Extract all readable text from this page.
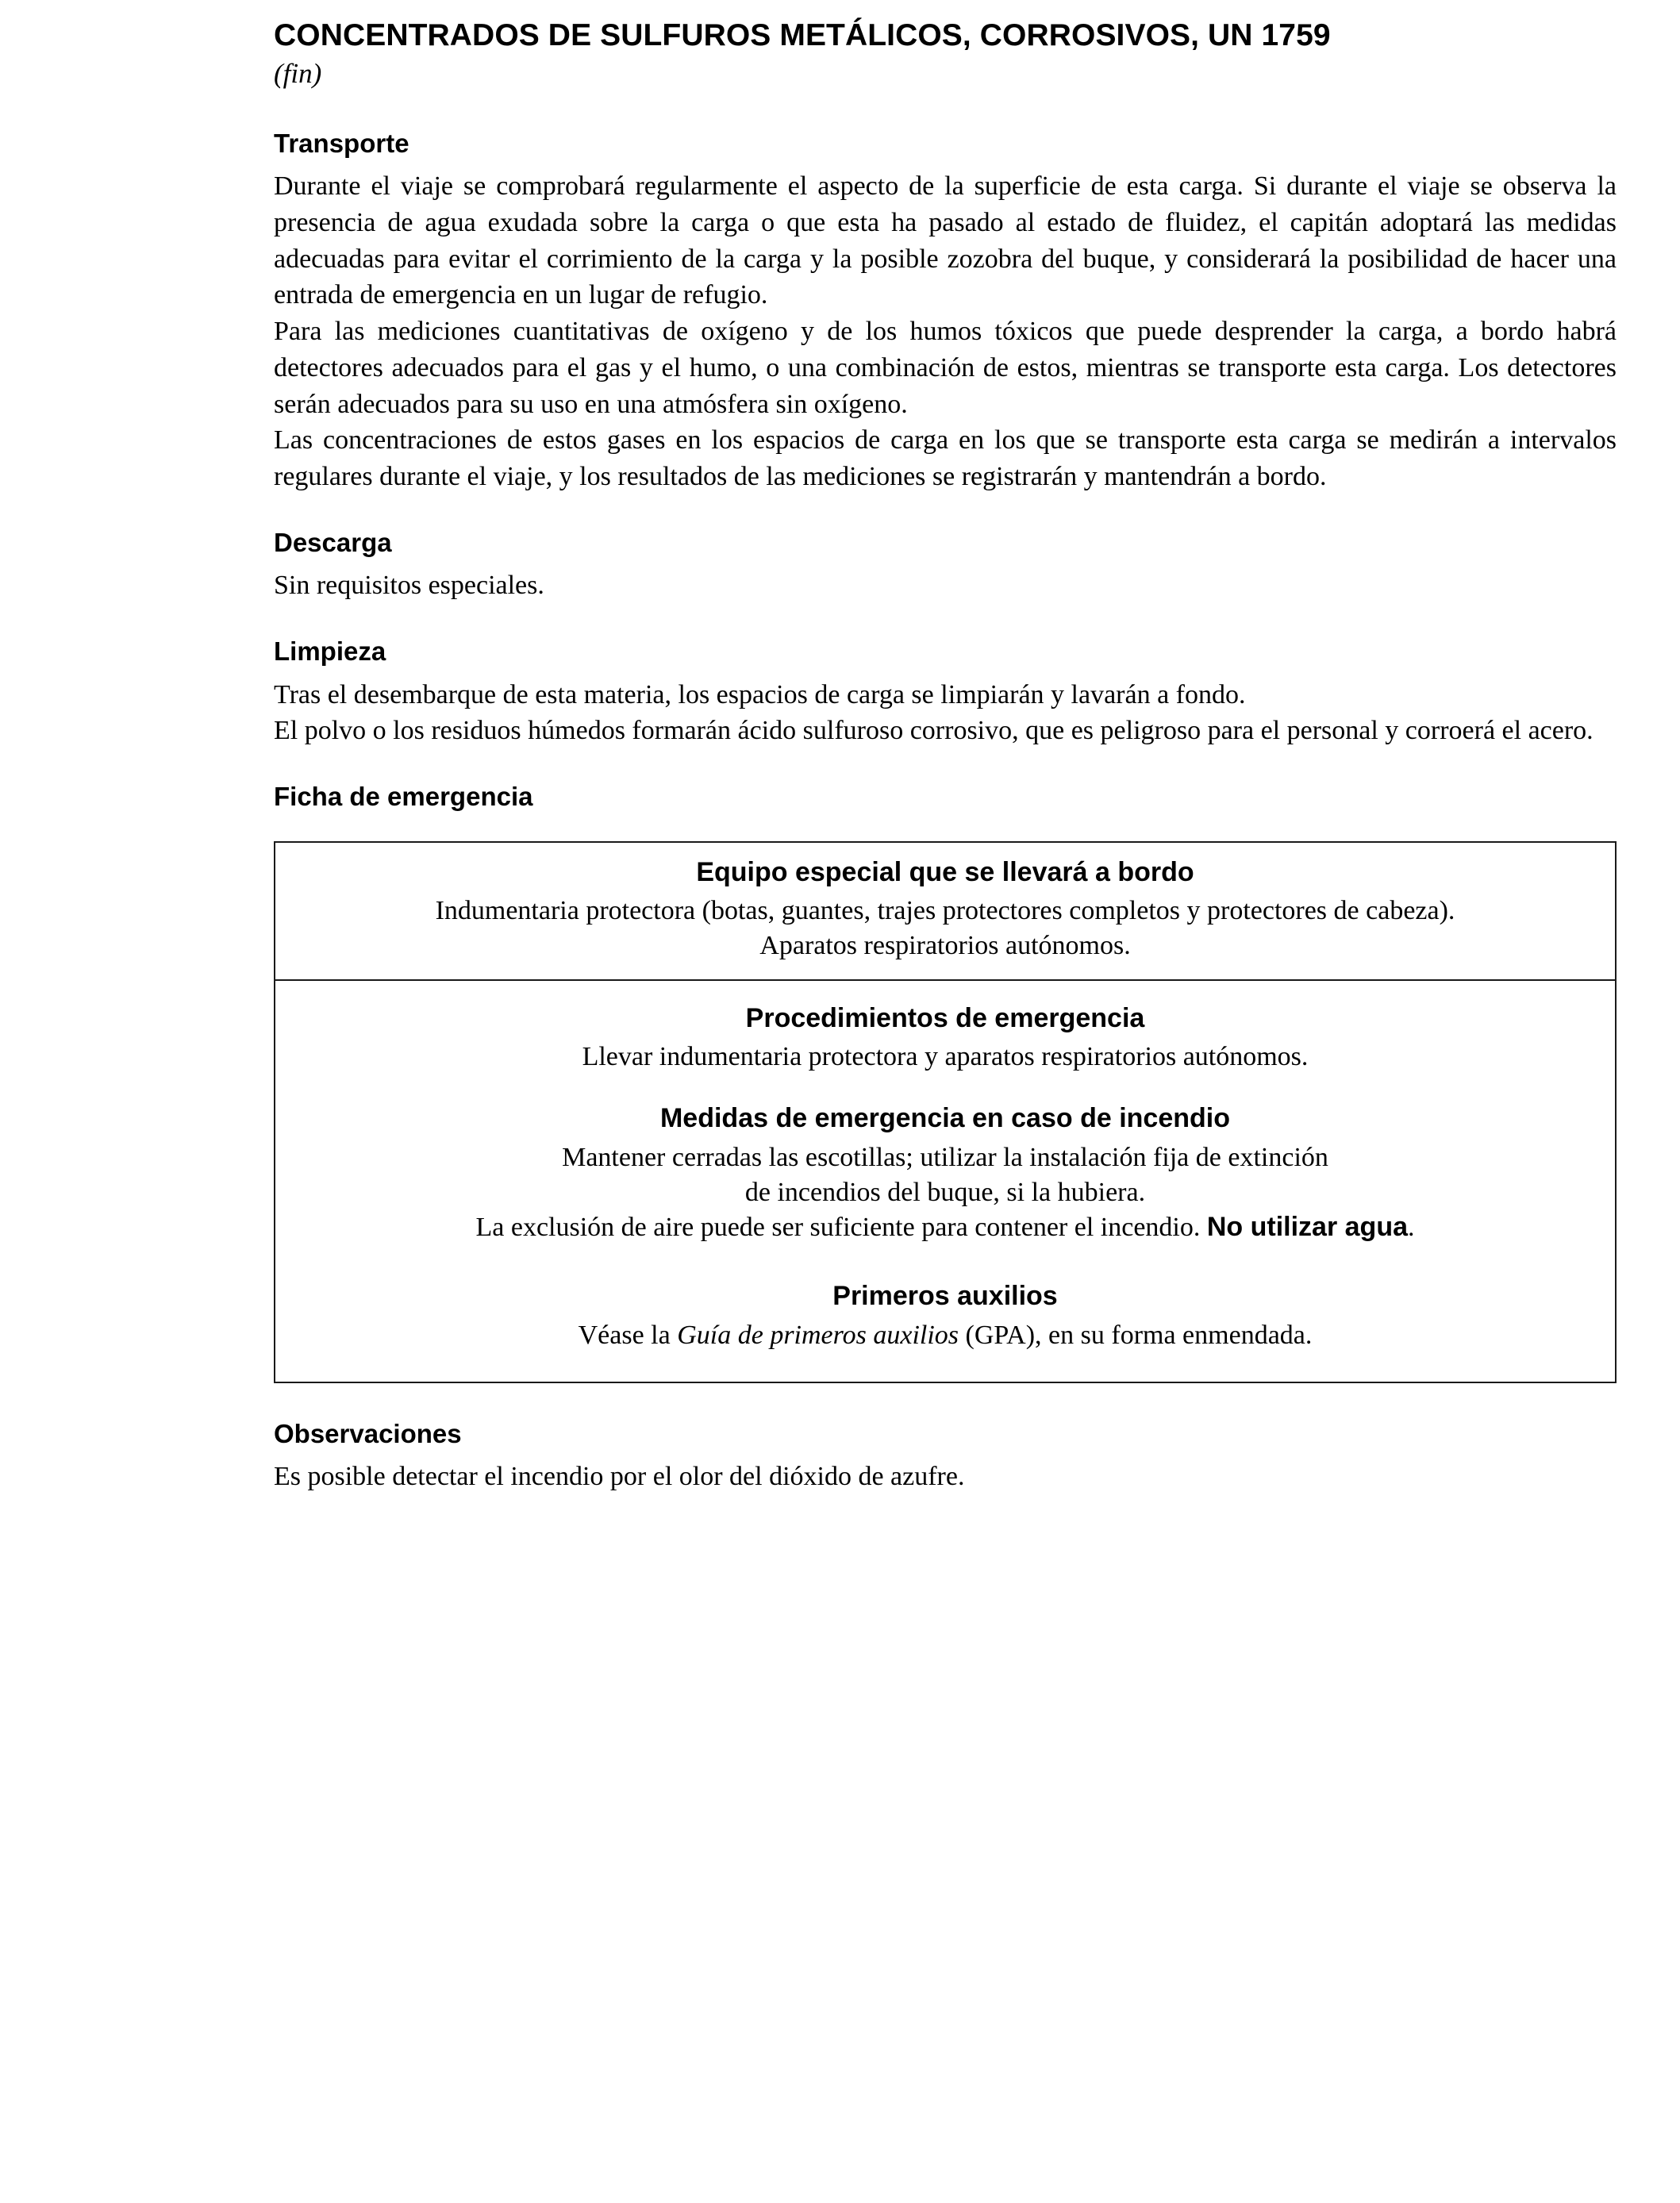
CONCENTRADOS DE SULFUROS METÁLICOS, CORROSIVOS, UN 1759
(fin)
Transporte

Durante el viaje se comprobará regularmente el aspecto de la superficie de esta carga. Si durante el viaje se observa la presencia de agua exudada sobre la carga o que esta ha pasado al estado de fluidez, el capitán adoptará las medidas adecuadas para evitar el corrimiento de la carga y la posible zozobra del buque, y considerará la posibilidad de hacer una entrada de emergencia en un lugar de refugio.

Para las mediciones cuantitativas de oxígeno y de los humos tóxicos que puede desprender la carga, a bordo habrá detectores adecuados para el gas y el humo, o una combinación de estos, mientras se transporte esta carga. Los detectores serán adecuados para su uso en una atmósfera sin oxígeno.

Las concentraciones de estos gases en los espacios de carga en los que se transporte esta carga se medirán a intervalos regulares durante el viaje, y los resultados de las mediciones se registrarán y mantendrán a bordo.

Descarga

Sin requisitos especiales.

Limpieza

Tras el desembarque de esta materia, los espacios de carga se limpiarán y lavarán a fondo.

El polvo o los residuos húmedos formarán ácido sulfuroso corrosivo, que es peligroso para el personal y corroerá el acero.

Ficha de emergencia
Equipo especial que se llevará a bordo
Indumentaria protectora (botas, guantes, trajes protectores completos y protectores de cabeza).
Aparatos respiratorios autónomos.
Procedimientos de emergencia
Llevar indumentaria protectora y aparatos respiratorios autónomos.
Medidas de emergencia en caso de incendio
Mantener cerradas las escotillas; utilizar la instalación fija de extinción
de incendios del buque, si la hubiera.
La exclusión de aire puede ser suficiente para contener el incendio. No utilizar agua.
Primeros auxilios
Véase la Guía de primeros auxilios (GPA), en su forma enmendada.
Observaciones

Es posible detectar el incendio por el olor del dióxido de azufre.
